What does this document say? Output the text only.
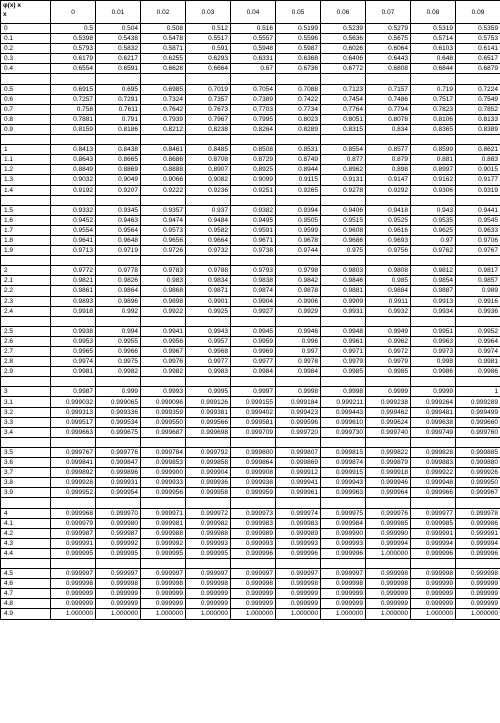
φ(x) x
x	0	0.01	0.02	0.03	0.04	0.05	0.06	0.07	0.08	0.09
0	0.5	0.504	0.508	0.512	0.516	0.5199	0.5239	0.5279	0.5319	0.5359
0.1	0.5398	0.5438	0.5478	0.5517	0.5557	0.5596	0.5636	0.5675	0.5714	0.5753
0.2	0.5793	0.5832	0.5871	0.591	0.5948	0.5987	0.6026	0.6064	0.6103	0.6141
0.3	0.6179	0.6217	0.6255	0.6293	0.6331	0.6368	0.6406	0.6443	0.648	0.6517
0.4	0.6554	0.6591	0.6628	0.6664	0.67	0.6736	0.6772	0.6808	0.6844	0.6879

0.5	0.6915	0.695	0.6985	0.7019	0.7054	0.7088	0.7123	0.7157	0.719	0.7224
0.6	0.7257	0.7291	0.7324	0.7357	0.7389	0.7422	0.7454	0.7486	0.7517	0.7549
0.7	0.758	0.7611	0.7642	0.7673	0.7703	0.7734	0.7764	0.7794	0.7823	0.7852
0.8	0.7881	0.791	0.7939	0.7967	0.7995	0.8023	0.8051	0.8078	0.8106	0.8133
0.9	0.8159	0.8186	0.8212	0.8238	0.8264	0.8289	0.8315	0.834	0.8365	0.8389

1	0.8413	0.8438	0.8461	0.8485	0.8508	0.8531	0.8554	0.8577	0.8599	0.8621
1.1	0.8643	0.8665	0.8686	0.8708	0.8729	0.8749	0.877	0.879	0.881	0.883
1.2	0.8849	0.8869	0.8888	0.8907	0.8925	0.8944	0.8962	0.898	0.8997	0.9015
1.3	0.9032	0.9049	0.9066	0.9082	0.9099	0.9115	0.9131	0.9147	0.9162	0.9177
1.4	0.9192	0.9207	0.9222	0.9236	0.9251	0.9265	0.9278	0.9292	0.9306	0.9319

1.5	0.9332	0.9345	0.9357	0.937	0.9382	0.9394	0.9406	0.9418	0.943	0.9441
1.6	0.9452	0.9463	0.9474	0.9484	0.9495	0.9505	0.9515	0.9525	0.9535	0.9545
1.7	0.9554	0.9564	0.9573	0.9582	0.9591	0.9599	0.9608	0.9616	0.9625	0.9633
1.8	0.9641	0.9648	0.9656	0.9664	0.9671	0.9678	0.9686	0.9693	0.97	0.9706
1.9	0.9713	0.9719	0.9726	0.9732	0.9738	0.9744	0.975	0.9756	0.9762	0.9767

2	0.9772	0.9778	0.9783	0.9788	0.9793	0.9798	0.9803	0.9808	0.9812	0.9817
2.1	0.9821	0.9826	0.983	0.9834	0.9838	0.9842	0.9846	0.985	0.9854	0.9857
2.2	0.9861	0.9864	0.9868	0.9871	0.9874	0.9878	0.9881	0.9884	0.9887	0.989
2.3	0.9893	0.9896	0.9898	0.9901	0.9904	0.9906	0.9909	0.9911	0.9913	0.9916
2.4	0.9918	0.992	0.9922	0.9925	0.9927	0.9929	0.9931	0.9932	0.9934	0.9936

2.5	0.9938	0.994	0.9941	0.9943	0.9945	0.9946	0.9948	0.9949	0.9951	0.9952
2.6	0.9953	0.9955	0.9956	0.9957	0.9959	0.996	0.9961	0.9962	0.9963	0.9964
2.7	0.9965	0.9966	0.9967	0.9968	0.9969	0.997	0.9971	0.9972	0.9973	0.9974
2.8	0.9974	0.9975	0.9976	0.9977	0.9977	0.9978	0.9979	0.9979	0.998	0.9981
2.9	0.9981	0.9982	0.9982	0.9983	0.9984	0.9984	0.9985	0.9985	0.9986	0.9986

3	0.9987	0.999	0.9993	0.9995	0.9997	0.9998	0.9998	0.9999	0.9999	1
3.1	0.999032	0.999065	0.999096	0.999126	0.999155	0.999184	0.999211	0.999238	0.999264	0.999289
3.2	0.999313	0.999336	0.999359	0.999381	0.999402	0.999423	0.999443	0.999462	0.999481	0.999499
3.3	0.999517	0.999534	0.999550	0.999566	0.999581	0.999596	0.999610	0.999624	0.999638	0.999660
3.4	0.999663	0.999675	0.999687	0.999698	0.999709	0.999720	0.999730	0.999740	0.999749	0.999760

3.5	0.999767	0.999776	0.999784	0.999792	0.999800	0.999807	0.999815	0.999822	0.999828	0.999885
3.6	0.999841	0.999847	0.999853	0.999858	0.999864	0.999869	0.999874	0.999879	0.999883	0.999880
3.7	0.999892	0.999896	0.999900	0.999904	0.999908	0.999912	0.999915	0.999918	0.999922	0.999926
3.8	0.999928	0.999931	0.999933	0.999936	0.999938	0.999941	0.999943	0.999946	0.999948	0.999950
3.9	0.999952	0.999954	0.999956	0.999958	0.999959	0.999961	0.999963	0.999964	0.999966	0.999967

4	0.999968	0.999970	0.999971	0.999972	0.999973	0.999974	0.999975	0.999976	0.999977	0.999978
4.1	0.999979	0.999980	0.999981	0.999982	0.999983	0.999983	0.999984	0.999985	0.999985	0.999986
4.2	0.999987	0.999987	0.999988	0.999988	0.999989	0.999989	0.999990	0.999990	0.999991	0.999991
4.3	0.999991	0.999992	0.999992	0.999993	0.999993	0.999993	0.999993	0.999994	0.999994	0.999994
4.4	0.999995	0.999995	0.999995	0.999995	0.999996	0.999996	0.999996	1.000000	0.999996	0.999996

4.5	0.999997	0.999997	0.999997	0.999997	0.999997	0.999997	0.999997	0.999998	0.999998	0.999998
4.6	0.999998	0.999998	0.999998	0.999998	0.999998	0.999998	0.999998	0.999998	0.999999	0.999999
4.7	0.999999	0.999999	0.999999	0.999999	0.999999	0.999999	0.999999	0.999999	0.999999	0.999999
4.8	0.999999	0.999999	0.999999	0.999999	0.999999	0.999999	0.999999	0.999999	0.999999	0.999999
4.9	1.000000	1.000000	1.000000	1.000000	1.000000	1.000000	1.000000	1.000000	1.000000	1.000000
